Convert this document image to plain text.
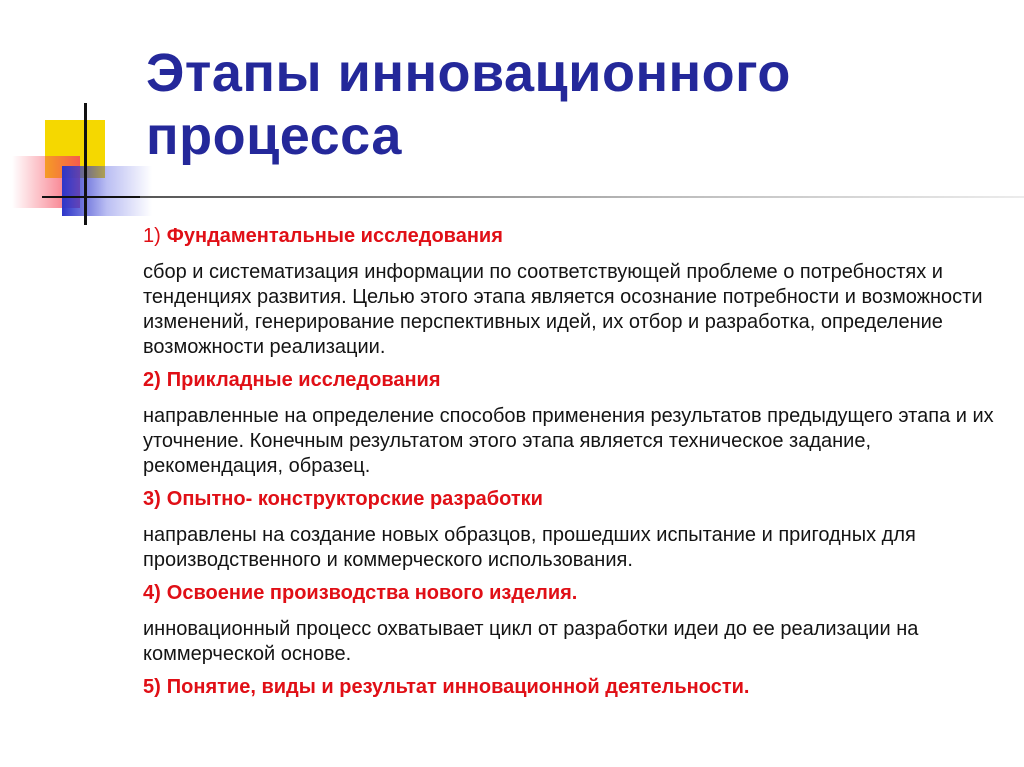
Этапы инновационного процесса

1) Фундаментальные исследования

сбор и систематизация информации по соответствующей проблеме о потребностях и тенденциях развития. Целью этого этапа является осознание потребности и возможности изменений, генерирование перспективных идей, их отбор и разработка, определение возможности реализации.

2) Прикладные исследования

направленные на определение способов применения результатов предыдущего этапа и их уточнение. Конечным результатом этого этапа является техническое задание, рекомендация, образец.

3) Опытно- конструкторские разработки

направлены на создание новых образцов, прошедших испытание и пригодных для производственного и коммерческого использования.

4) Освоение производства нового изделия.

инновационный процесс охватывает цикл от разработки идеи до ее реализации на коммерческой основе.

5) Понятие, виды и результат инновационной деятельности.
